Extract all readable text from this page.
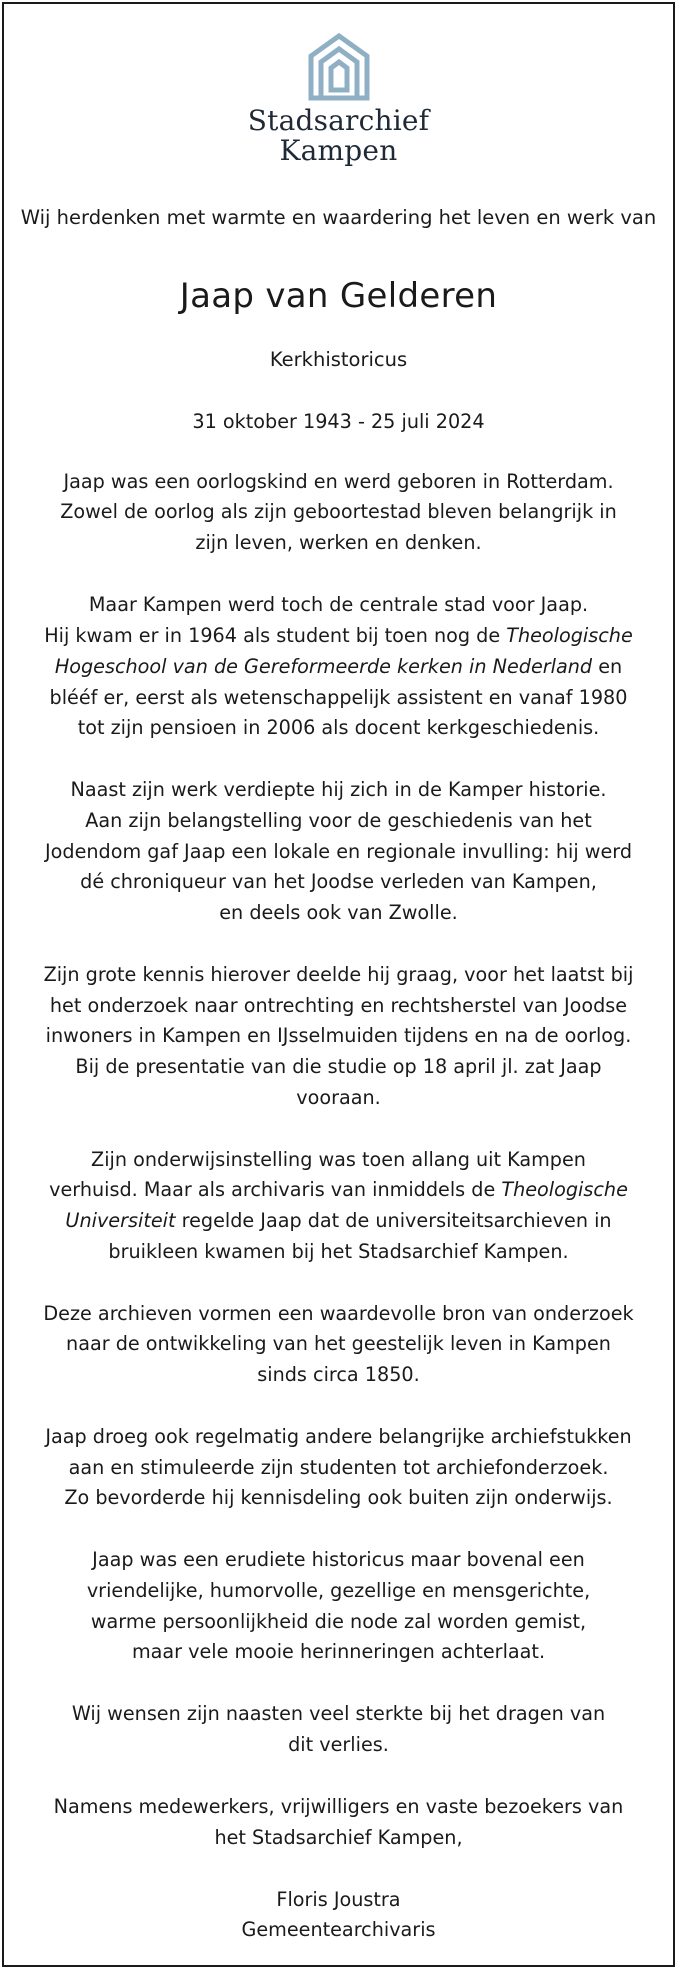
Stadsarchief
Kampen
Wij herdenken met warmte en waardering het leven en werk van
Jaap van Gelderen
Kerkhistoricus
31 oktober 1943 - 25 juli 2024
Jaap was een oorlogskind en werd geboren in Rotterdam.
Zowel de oorlog als zijn geboortestad bleven belangrijk in
zijn leven, werken en denken.
Maar Kampen werd toch de centrale stad voor Jaap.
Hij kwam er in 1964 als student bij toen nog de Theologische
Hogeschool van de Gereformeerde kerken in Nederland en
blééf er, eerst als wetenschappelijk assistent en vanaf 1980
tot zijn pensioen in 2006 als docent kerkgeschiedenis.
Naast zijn werk verdiepte hij zich in de Kamper historie.
Aan zijn belangstelling voor de geschiedenis van het
Jodendom gaf Jaap een lokale en regionale invulling: hij werd
dé chroniqueur van het Joodse verleden van Kampen,
en deels ook van Zwolle.
Zijn grote kennis hierover deelde hij graag, voor het laatst bij
het onderzoek naar ontrechting en rechtsherstel van Joodse
inwoners in Kampen en IJsselmuiden tijdens en na de oorlog.
Bij de presentatie van die studie op 18 april jl. zat Jaap
vooraan.
Zijn onderwijsinstelling was toen allang uit Kampen
verhuisd. Maar als archivaris van inmiddels de Theologische
Universiteit regelde Jaap dat de universiteitsarchieven in
bruikleen kwamen bij het Stadsarchief Kampen.
Deze archieven vormen een waardevolle bron van onderzoek
naar de ontwikkeling van het geestelijk leven in Kampen
sinds circa 1850.
Jaap droeg ook regelmatig andere belangrijke archiefstukken
aan en stimuleerde zijn studenten tot archiefonderzoek.
Zo bevorderde hij kennisdeling ook buiten zijn onderwijs.
Jaap was een erudiete historicus maar bovenal een
vriendelijke, humorvolle, gezellige en mensgerichte,
warme persoonlijkheid die node zal worden gemist,
maar vele mooie herinneringen achterlaat.
Wij wensen zijn naasten veel sterkte bij het dragen van
dit verlies.
Namens medewerkers, vrijwilligers en vaste bezoekers van
het Stadsarchief Kampen,
Floris Joustra
Gemeentearchivaris
